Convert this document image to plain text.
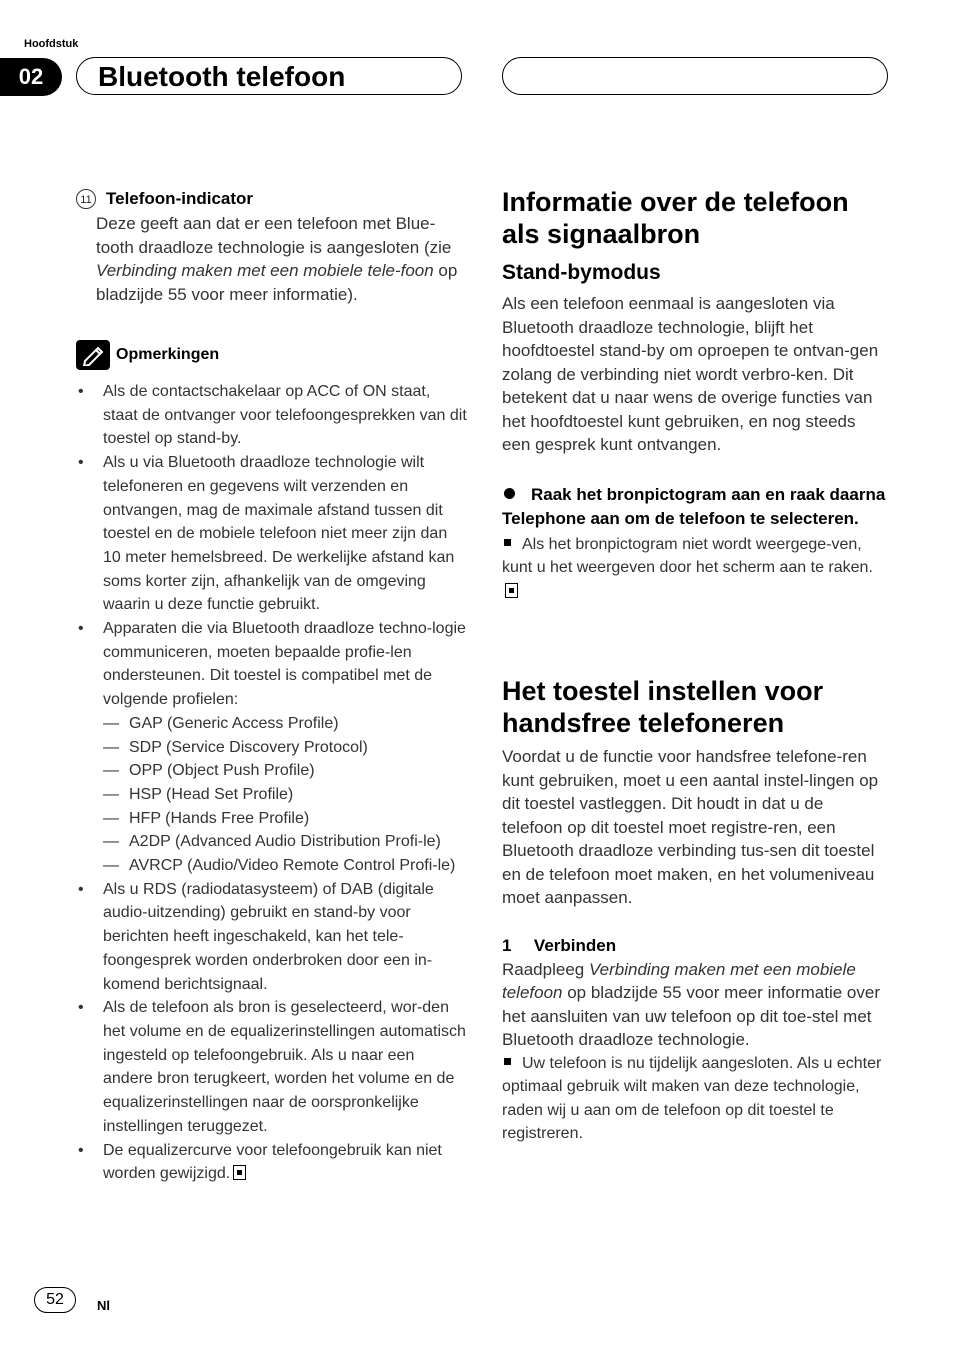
Hoofdstuk
02	Bluetooth telefoon
11 Telefoon-indicator
Deze geeft aan dat er een telefoon met Blue-tooth draadloze technologie is aangesloten (zie Verbinding maken met een mobiele tele-foon op bladzijde 55 voor meer informatie).
Opmerkingen
• Als de contactschakelaar op ACC of ON staat, staat de ontvanger voor telefoongesprekken van dit toestel op stand-by.
• Als u via Bluetooth draadloze technologie wilt telefoneren en gegevens wilt verzenden en ontvangen, mag de maximale afstand tussen dit toestel en de mobiele telefoon niet meer zijn dan 10 meter hemelsbreed. De werkelijke afstand kan soms korter zijn, afhankelijk van de omgeving waarin u deze functie gebruikt.
• Apparaten die via Bluetooth draadloze techno-logie communiceren, moeten bepaalde profie-len ondersteunen. Dit toestel is compatibel met de volgende profielen:
— GAP (Generic Access Profile)
— SDP (Service Discovery Protocol)
— OPP (Object Push Profile)
— HSP (Head Set Profile)
— HFP (Hands Free Profile)
— A2DP (Advanced Audio Distribution Profi-le)
— AVRCP (Audio/Video Remote Control Profi-le)
• Als u RDS (radiodatasysteem) of DAB (digitale audio-uitzending) gebruikt en stand-by voor berichten heeft ingeschakeld, kan het tele-foongesprek worden onderbroken door een in-komend berichtsignaal.
• Als de telefoon als bron is geselecteerd, wor-den het volume en de equalizerinstellingen automatisch ingesteld op telefoongebruik. Als u naar een andere bron terugkeert, worden het volume en de equalizerinstellingen naar de oorspronkelijke instellingen teruggezet.
• De equalizercurve voor telefoongebruik kan niet worden gewijzigd.
Informatie over de telefoon als signaalbron
Stand-bymodus
Als een telefoon eenmaal is aangesloten via Bluetooth draadloze technologie, blijft het hoofdtoestel stand-by om oproepen te ontvan-gen zolang de verbinding niet wordt verbro-ken. Dit betekent dat u naar wens de overige functies van het hoofdtoestel kunt gebruiken, en nog steeds een gesprek kunt ontvangen.
Raak het bronpictogram aan en raak daarna Telephone aan om de telefoon te selecteren.
Als het bronpictogram niet wordt weergege-ven, kunt u het weergeven door het scherm aan te raken.
Het toestel instellen voor handsfree telefoneren
Voordat u de functie voor handsfree telefone-ren kunt gebruiken, moet u een aantal instel-lingen op dit toestel vastleggen. Dit houdt in dat u de telefoon op dit toestel moet registre-ren, een Bluetooth draadloze verbinding tus-sen dit toestel en de telefoon moet maken, en het volumeniveau moet aanpassen.
1 Verbinden
Raadpleeg Verbinding maken met een mobiele telefoon op bladzijde 55 voor meer informatie over het aansluiten van uw telefoon op dit toe-stel met Bluetooth draadloze technologie.
Uw telefoon is nu tijdelijk aangesloten. Als u echter optimaal gebruik wilt maken van deze technologie, raden wij u aan om de telefoon op dit toestel te registreren.
52	Nl
